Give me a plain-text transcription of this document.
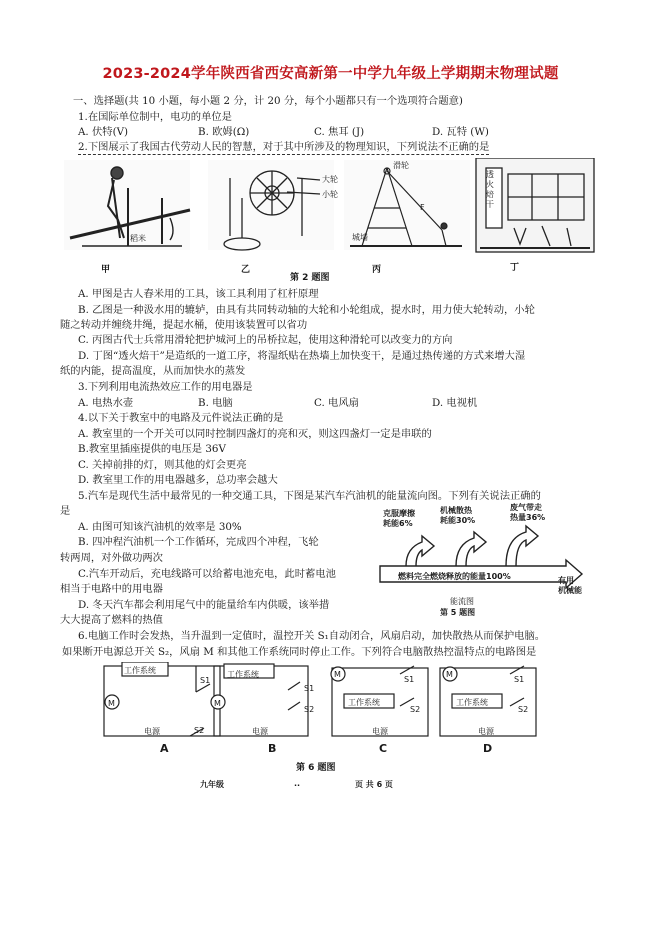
2023-2024学年陕西省西安高新第一中学九年级上学期期末物理试题
一、选择题(共 10 小题，每小题 2 分，计 20 分，每个小题都只有一个选项符合题意)
1.在国际单位制中，电功的单位是
A. 伏特(V)	B. 欧姆(Ω)	C. 焦耳 (J)	D. 瓦特 (W)
2.下图展示了我国古代劳动人民的智慧，对于其中所涉及的物理知识，下列说法不正确的是
稻米
大轮
小轮
滑轮
F
城墙
透
火
焙
干
甲	乙	丙	丁
第 2 题图
A. 甲图是古人舂米用的工具，该工具利用了杠杆原理
B. 乙图是一种汲水用的辘轳，由具有共同转动轴的大轮和小轮组成，提水时，用力使大轮转动，小轮
随之转动并缠绕井绳，提起水桶，使用该装置可以省功
C. 丙图古代士兵常用滑轮把护城河上的吊桥拉起，使用这种滑轮可以改变力的方向
D. 丁图“透火焙干”是造纸的一道工序，将湿纸贴在热墙上加快变干，是通过热传递的方式来增大湿
纸的内能，提高温度，从而加快水的蒸发
3.下列利用电流热效应工作的用电器是
A. 电热水壶	B. 电脑	C. 电风扇	D. 电视机
4.以下关于教室中的电路及元件说法正确的是
A. 教室里的一个开关可以同时控制四盏灯的亮和灭，则这四盏灯一定是串联的
B.教室里插座提供的电压是 36V
C. 关掉前排的灯，则其他的灯会更亮
D. 教室里工作的用电器越多，总功率会越大
5.汽车是现代生活中最常见的一种交通工具，下图是某汽车汽油机的能量流向图。下列有关说法正确的
是
A. 由图可知该汽油机的效率是 30%
B. 四冲程汽油机一个工作循环，完成四个冲程，飞轮
转两周，对外做功两次
C.汽车开动后，充电线路可以给蓄电池充电，此时蓄电池
相当于电路中的用电器
D. 冬天汽车都会利用尾气中的能量给车内供暖，该举措
大大提高了燃料的热值
克服摩擦
耗能6%
机械散热
耗能30%
废气带走
热量36%
燃料完全燃烧释放的能量100%	有用
机械能
能流图
第 5 题图
6.电脑工作时会发热，当升温到一定值时，温控开关 S₁自动闭合，风扇启动，加快散热从而保护电脑。
如果断开电源总开关 S₂，风扇 M 和其他工作系统同时停止工作。下列符合电脑散热控温特点的电路图是
工作系统
M
S1
电源	S2
工作系统
M
S1
S2
电源
M
S1
工作系统
S2
电源
M
S1
工作系统
S2
电源
A	B	C	D
第 6 题图
九年级	..	页 共 6 页
